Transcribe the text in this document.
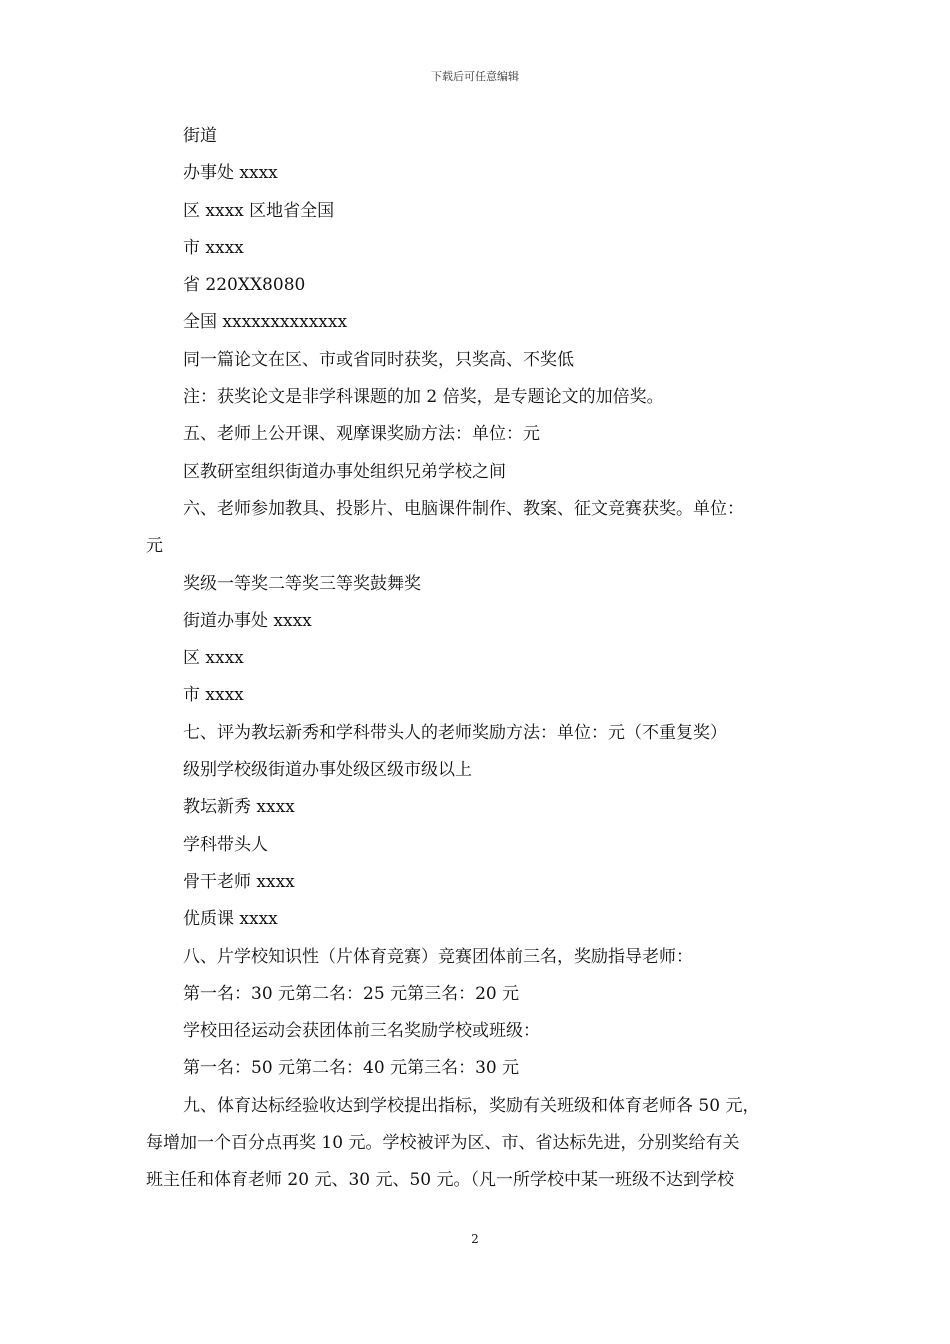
下载后可任意编辑
街道
办事处 xxxx
区 xxxx 区地省全国
市 xxxx
省 220XX8080
全国 xxxxxxxxxxxxx
同一篇论文在区、市或省同时获奖，只奖高、不奖低
注：获奖论文是非学科课题的加 2 倍奖，是专题论文的加倍奖。
五、老师上公开课、观摩课奖励方法：单位：元
区教研室组织街道办事处组织兄弟学校之间
六、老师参加教具、投影片、电脑课件制作、教案、征文竞赛获奖。单位：
元
奖级一等奖二等奖三等奖鼓舞奖
街道办事处 xxxx
区 xxxx
市 xxxx
七、评为教坛新秀和学科带头人的老师奖励方法：单位：元（不重复奖）
级别学校级街道办事处级区级市级以上
教坛新秀 xxxx
学科带头人
骨干老师 xxxx
优质课 xxxx
八、片学校知识性（片体育竞赛）竞赛团体前三名，奖励指导老师：
第一名：30 元第二名：25 元第三名：20 元
学校田径运动会获团体前三名奖励学校或班级：
第一名：50 元第二名：40 元第三名：30 元
九、体育达标经验收达到学校提出指标，奖励有关班级和体育老师各 50 元，
每增加一个百分点再奖 10 元。学校被评为区、市、省达标先进，分别奖给有关
班主任和体育老师 20 元、30 元、50 元。（凡一所学校中某一班级不达到学校
2
